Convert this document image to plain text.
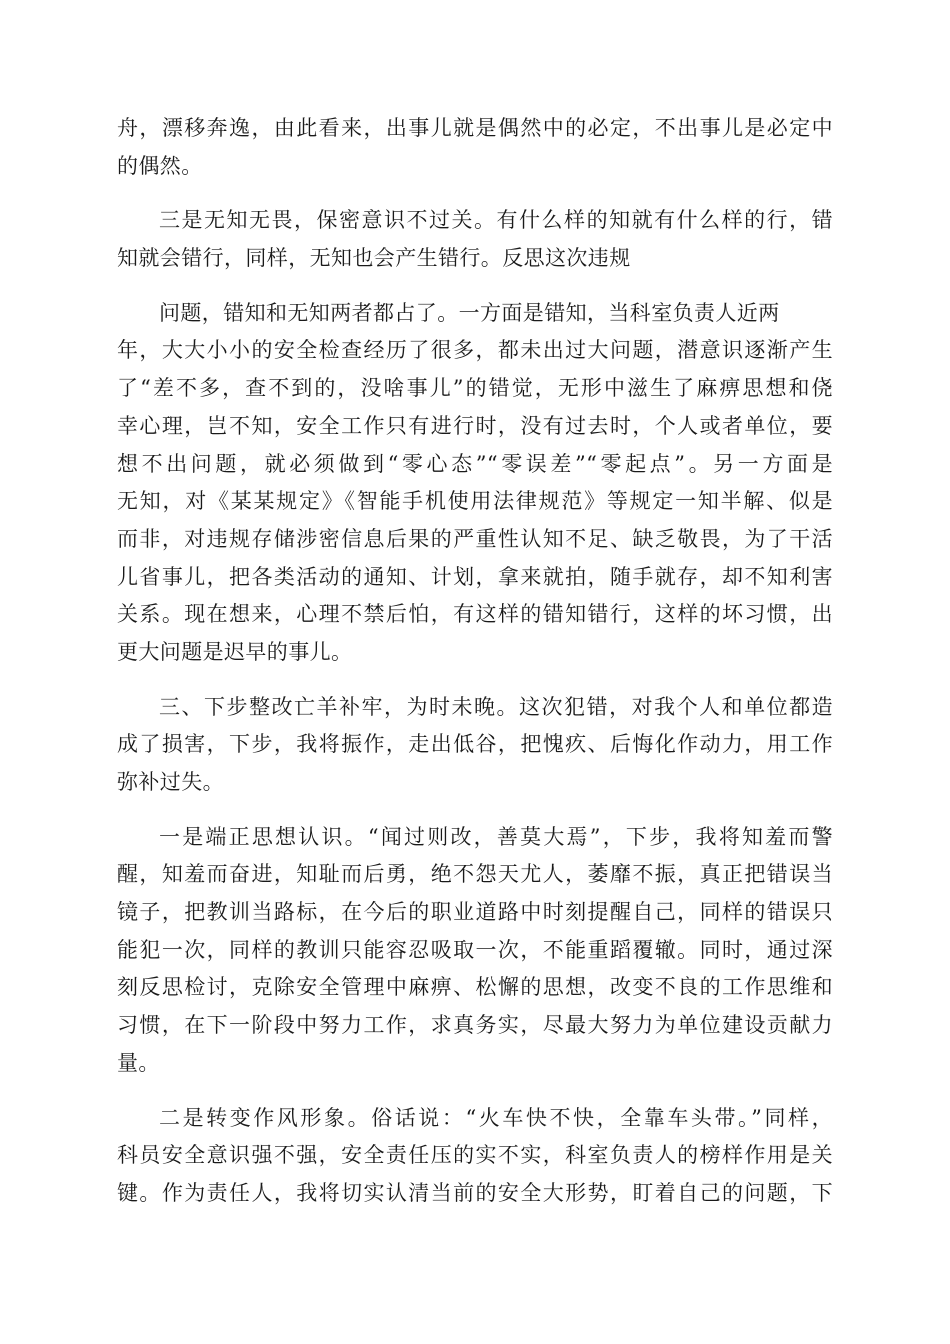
舟，漂移奔逸，由此看来，出事儿就是偶然中的必定，不出事儿是必定中
的偶然。
三是无知无畏，保密意识不过关。有什么样的知就有什么样的行，错
知就会错行，同样，无知也会产生错行。反思这次违规
问题，错知和无知两者都占了。一方面是错知，当科室负责人近两
年，大大小小的安全检查经历了很多，都未出过大问题，潜意识逐渐产生
了“差不多，查不到的，没啥事儿”的错觉，无形中滋生了麻痹思想和侥
幸心理，岂不知，安全工作只有进行时，没有过去时，个人或者单位，要
想不出问题，就必须做到“零心态”“零误差”“零起点”。另一方面是
无知，对《某某规定》《智能手机使用法律规范》等规定一知半解、似是
而非，对违规存储涉密信息后果的严重性认知不足、缺乏敬畏，为了干活
儿省事儿，把各类活动的通知、计划，拿来就拍，随手就存，却不知利害
关系。现在想来，心理不禁后怕，有这样的错知错行，这样的坏习惯，出
更大问题是迟早的事儿。
三、下步整改亡羊补牢，为时未晚。这次犯错，对我个人和单位都造
成了损害，下步，我将振作，走出低谷，把愧疚、后悔化作动力，用工作
弥补过失。
一是端正思想认识。“闻过则改，善莫大焉”，下步，我将知羞而警
醒，知羞而奋进，知耻而后勇，绝不怨天尤人，萎靡不振，真正把错误当
镜子，把教训当路标，在今后的职业道路中时刻提醒自己，同样的错误只
能犯一次，同样的教训只能容忍吸取一次，不能重蹈覆辙。同时，通过深
刻反思检讨，克除安全管理中麻痹、松懈的思想，改变不良的工作思维和
习惯，在下一阶段中努力工作，求真务实，尽最大努力为单位建设贡献力
量。
二是转变作风形象。俗话说：“火车快不快，全靠车头带。”同样，
科员安全意识强不强，安全责任压的实不实，科室负责人的榜样作用是关
键。作为责任人，我将切实认清当前的安全大形势，盯着自己的问题，下
